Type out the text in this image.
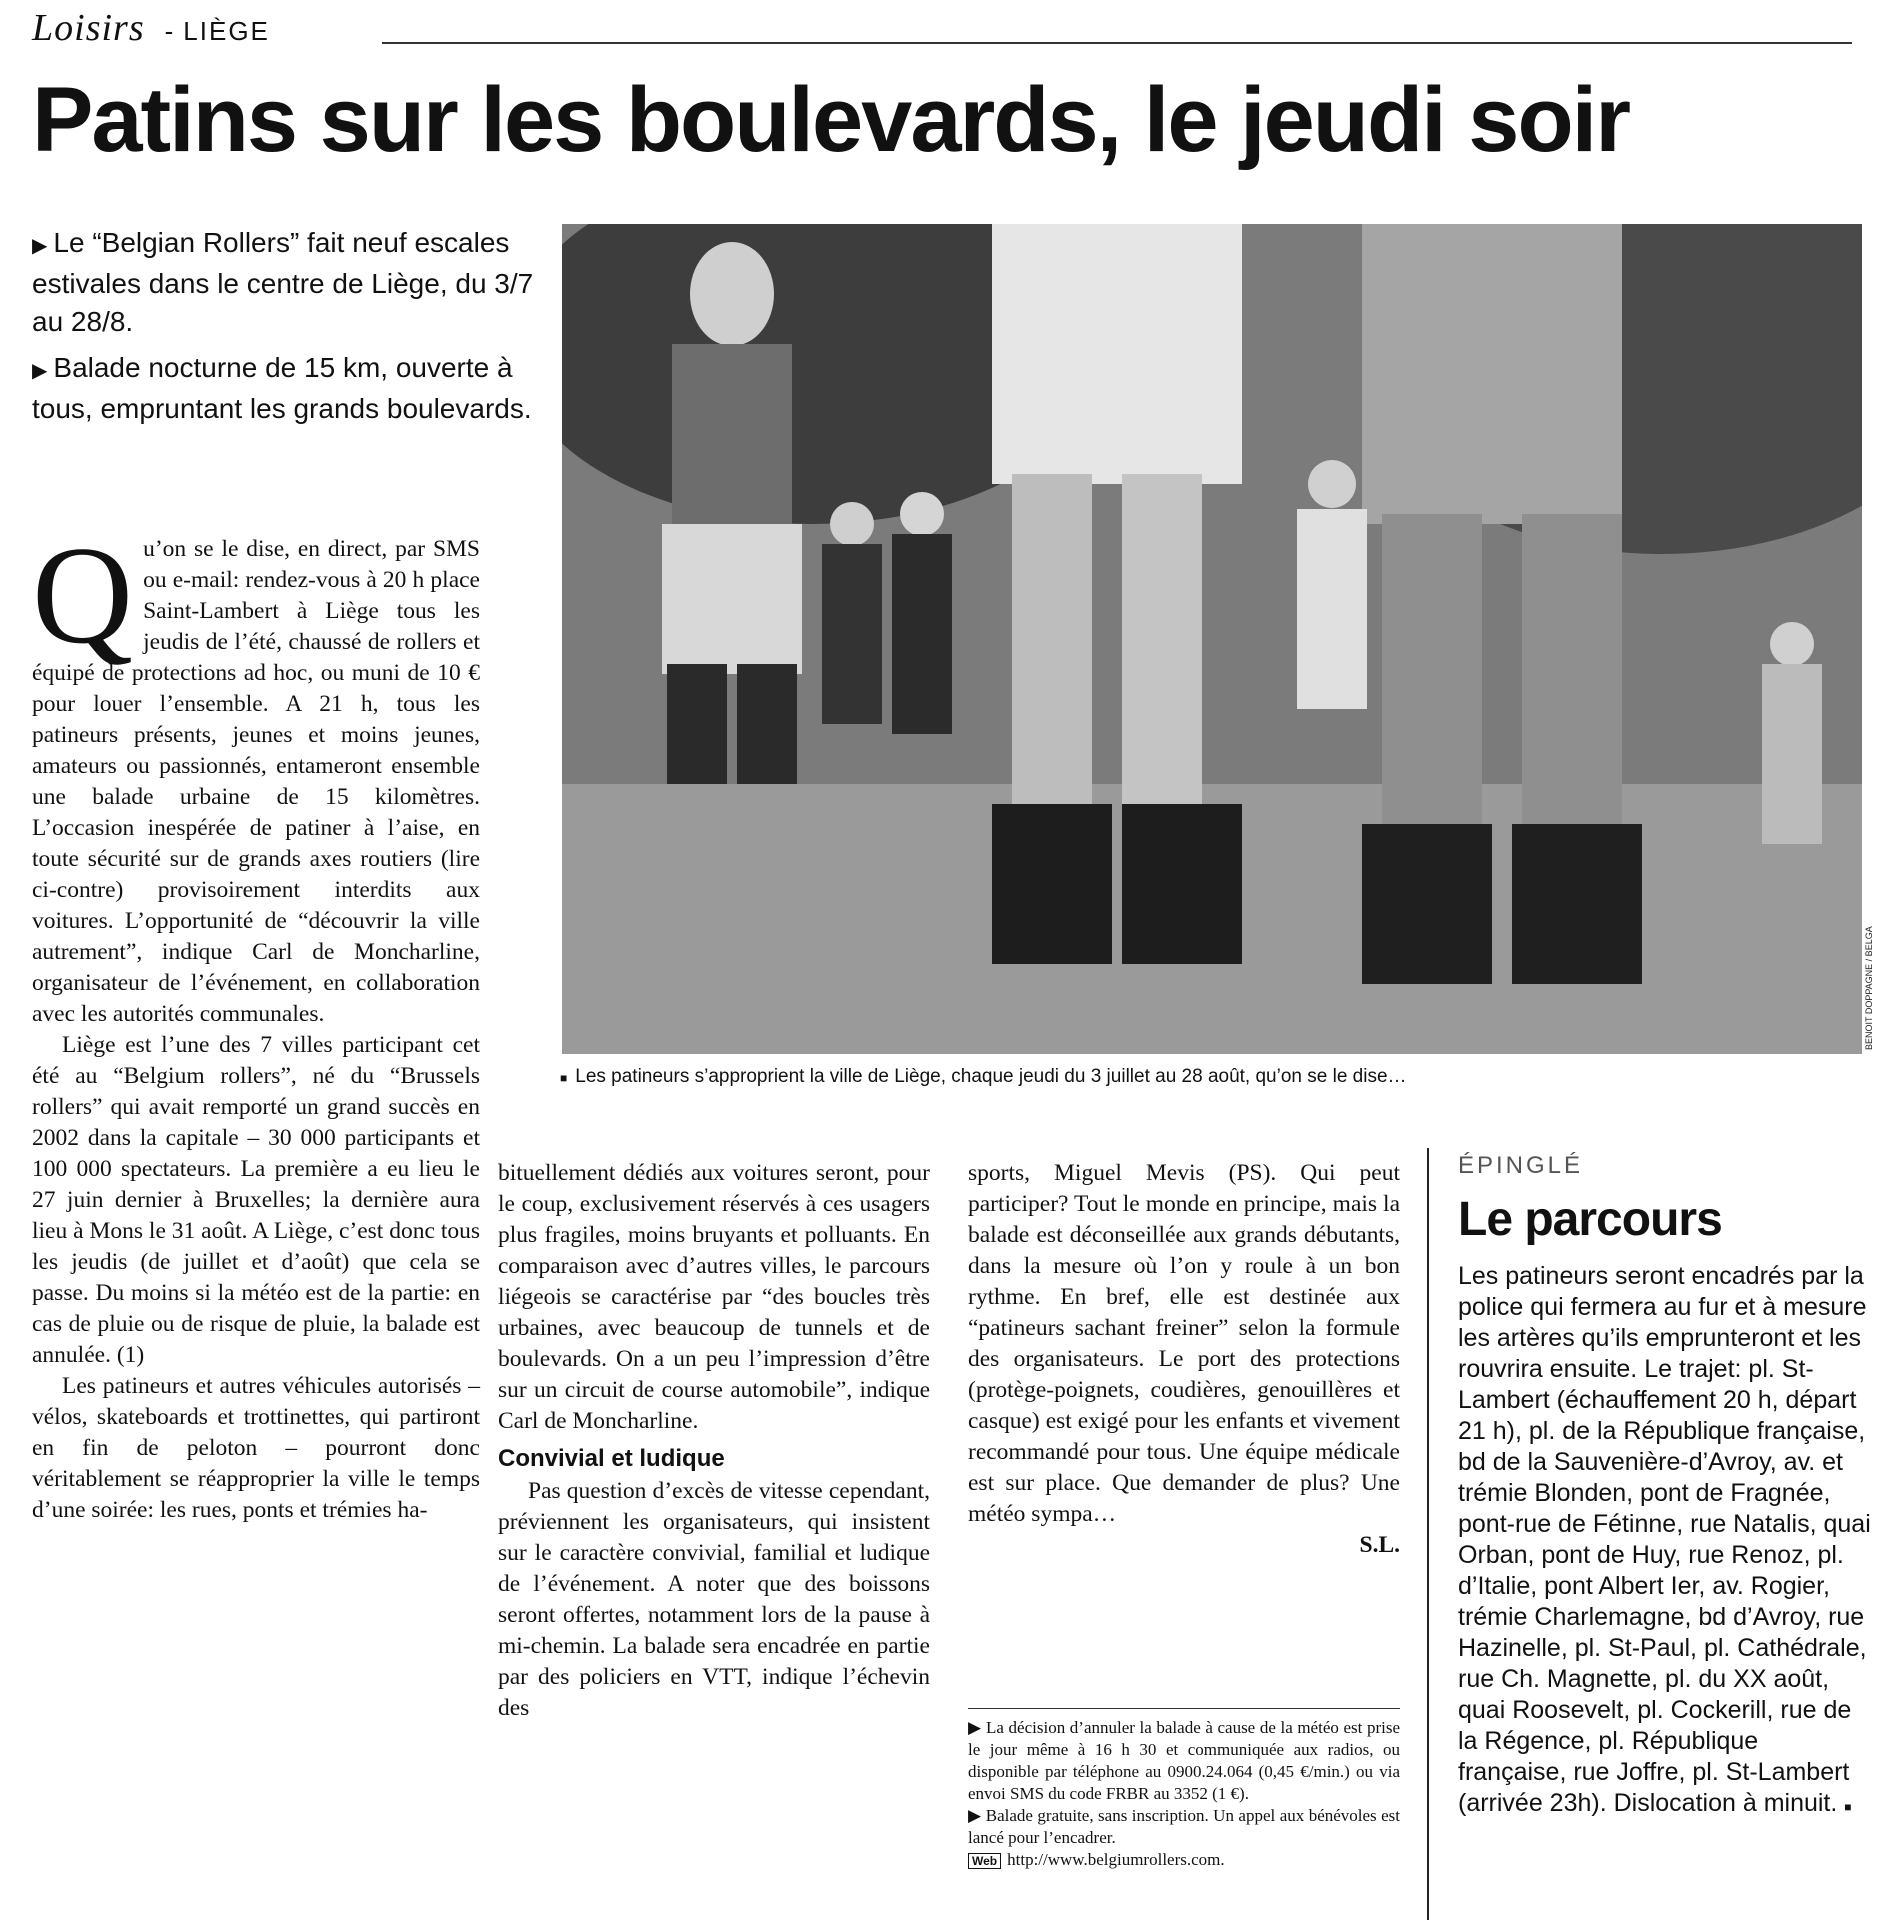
Loisirs - LIÈGE
Patins sur les boulevards, le jeudi soir

▶ Le “Belgian Rollers” fait neuf escales estivales dans le centre de Liège, du 3/7 au 28/8.

▶ Balade nocturne de 15 km, ouverte à tous, empruntant les grands boulevards.

BENOIT DOPPAGNE / BELGA
■ Les patineurs s’approprient la ville de Liège, chaque jeudi du 3 juillet au 28 août, qu’on se le dise…
Q u’on se le dise, en direct, par SMS ou e-mail: rendez-vous à 20 h place Saint-Lambert à Liège tous les jeudis de l’été, chaussé de rollers et équipé de protections ad hoc, ou muni de 10 € pour louer l’ensemble. A 21 h, tous les patineurs présents, jeunes et moins jeunes, amateurs ou passionnés, entameront ensemble une balade urbaine de 15 kilomètres. L’occasion inespérée de patiner à l’aise, en toute sécurité sur de grands axes routiers (lire ci-contre) provisoirement interdits aux voitures. L’opportunité de “découvrir la ville autrement”, indique Carl de Moncharline, organisateur de l’événement, en collaboration avec les autorités communales.

Liège est l’une des 7 villes participant cet été au “Belgium rollers”, né du “Brussels rollers” qui avait remporté un grand succès en 2002 dans la capitale – 30 000 participants et 100 000 spectateurs. La première a eu lieu le 27 juin dernier à Bruxelles; la dernière aura lieu à Mons le 31 août. A Liège, c’est donc tous les jeudis (de juillet et d’août) que cela se passe. Du moins si la météo est de la partie: en cas de pluie ou de risque de pluie, la balade est annulée. (1)

Les patineurs et autres véhicules autorisés – vélos, skateboards et trottinettes, qui partiront en fin de peloton – pourront donc véritablement se réapproprier la ville le temps d’une soirée: les rues, ponts et trémies ha-

bituellement dédiés aux voitures seront, pour le coup, exclusivement réservés à ces usagers plus fragiles, moins bruyants et polluants. En comparaison avec d’autres villes, le parcours liégeois se caractérise par “des boucles très urbaines, avec beaucoup de tunnels et de boulevards. On a un peu l’impression d’être sur un circuit de course automobile”, indique Carl de Moncharline.

Convivial et ludique

Pas question d’excès de vitesse cependant, préviennent les organisateurs, qui insistent sur le caractère convivial, familial et ludique de l’événement. A noter que des boissons seront offertes, notamment lors de la pause à mi-chemin. La balade sera encadrée en partie par des policiers en VTT, indique l’échevin des

sports, Miguel Mevis (PS). Qui peut participer? Tout le monde en principe, mais la balade est déconseillée aux grands débutants, dans la mesure où l’on y roule à un bon rythme. En bref, elle est destinée aux “patineurs sachant freiner” selon la formule des organisateurs. Le port des protections (protège-poignets, coudières, genouillères et casque) est exigé pour les enfants et vivement recommandé pour tous. Une équipe médicale est sur place. Que demander de plus? Une météo sympa…

S.L.

▶ La décision d’annuler la balade à cause de la météo est prise le jour même à 16 h 30 et communiquée aux radios, ou disponible par téléphone au 0900.24.064 (0,45 €/min.) ou via envoi SMS du code FRBR au 3352 (1 €).

▶ Balade gratuite, sans inscription. Un appel aux bénévoles est lancé pour l’encadrer.

Web http://www.belgiumrollers.com.

ÉPINGLÉ

Le parcours

Les patineurs seront encadrés par la police qui fermera au fur et à mesure les artères qu’ils emprunteront et les rouvrira ensuite. Le trajet: pl. St-Lambert (échauffement 20 h, départ 21 h), pl. de la République française, bd de la Sauvenière-d’Avroy, av. et trémie Blonden, pont de Fragnée, pont-rue de Fétinne, rue Natalis, quai Orban, pont de Huy, rue Renoz, pl. d’Italie, pont Albert Ier, av. Rogier, trémie Charlemagne, bd d’Avroy, rue Hazinelle, pl. St-Paul, pl. Cathédrale, rue Ch. Magnette, pl. du XX août, quai Roosevelt, pl. Cockerill, rue de la Régence, pl. République française, rue Joffre, pl. St-Lambert (arrivée 23h). Dislocation à minuit. ■
